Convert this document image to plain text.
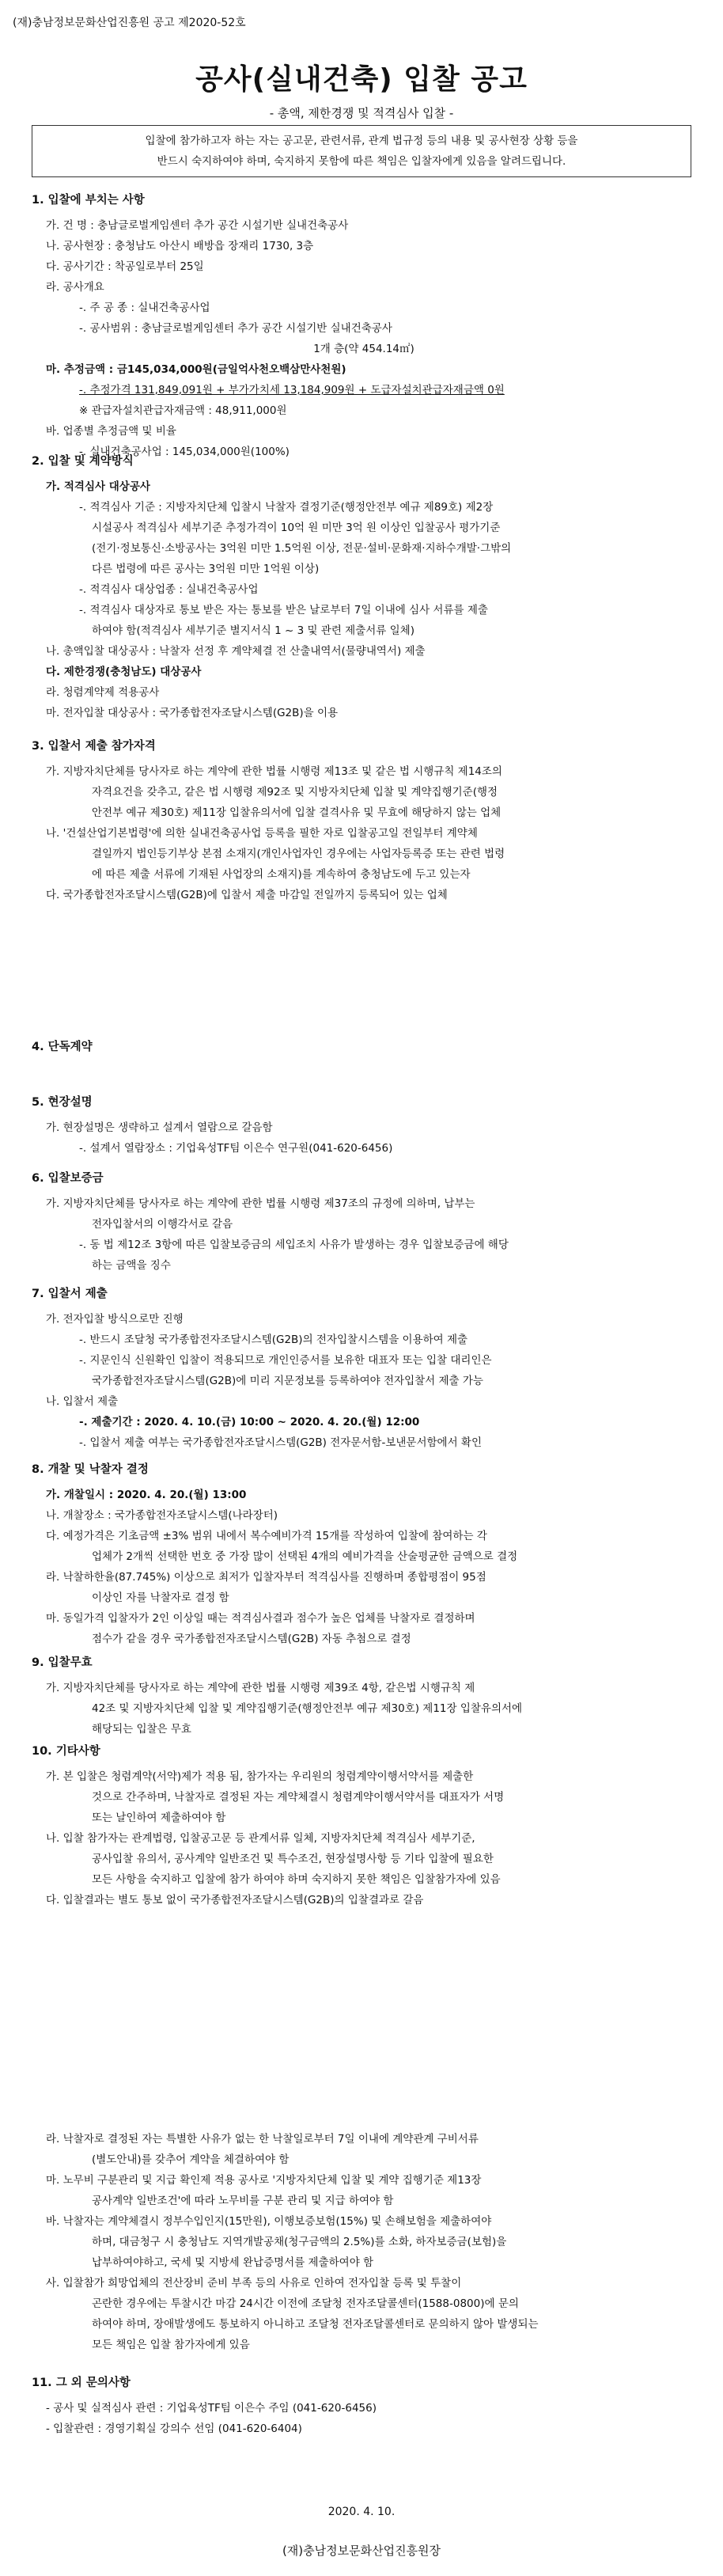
(재)충남정보문화산업진흥원 공고 제2020-52호
공사(실내건축) 입찰 공고
- 총액, 제한경쟁 및 적격심사 입찰 -
입찰에 참가하고자 하는 자는 공고문, 관련서류, 관계 법규정 등의 내용 및 공사현장 상황 등을
반드시 숙지하여야 하며, 숙지하지 못함에 따른 책임은 입찰자에게 있음을 알려드립니다.
1. 입찰에 부치는 사항
가. 건 명 : 충남글로벌게임센터 추가 공간 시설기반 실내건축공사
나. 공사현장 : 충청남도 아산시 배방읍 장재리 1730, 3층
다. 공사기간 : 착공일로부터 25일
라. 공사개요
-. 주 공 종 : 실내건축공사업
-. 공사범위 : 충남글로벌게임센터 추가 공간 시설기반 실내건축공사
1개 층(약 454.14㎡)
마. 추정금액 : 금145,034,000원(금일억사천오백삼만사천원)
-. 추정가격 131,849,091원 + 부가가치세 13,184,909원 + 도급자설치관급자재금액 0원
※ 관급자설치관급자재금액 : 48,911,000원
바. 업종별 추정금액 및 비율
-. 실내건축공사업 : 145,034,000원(100%)
2. 입찰 및 계약방식
가. 적격심사 대상공사
-. 적격심사 기준 : 지방자치단체 입찰시 낙찰자 결정기준(행정안전부 예규 제89호) 제2장
시설공사 적격심사 세부기준 추정가격이 10억 원 미만 3억 원 이상인 입찰공사 평가기준
(전기·정보통신·소방공사는 3억원 미만 1.5억원 이상, 전문·설비·문화재·지하수개발·그밖의
다른 법령에 따른 공사는 3억원 미만 1억원 이상)
-. 적격심사 대상업종 : 실내건축공사업
-. 적격심사 대상자로 통보 받은 자는 통보를 받은 날로부터 7일 이내에 심사 서류를 제출
하여야 함(적격심사 세부기준 별지서식 1 ~ 3 및 관련 제출서류 일체)
나. 총액입찰 대상공사 : 낙찰자 선정 후 계약체결 전 산출내역서(물량내역서) 제출
다. 제한경쟁(충청남도) 대상공사
라. 청렴계약제 적용공사
마. 전자입찰 대상공사 : 국가종합전자조달시스템(G2B)을 이용
3. 입찰서 제출 참가자격
가. 지방자치단체를 당사자로 하는 계약에 관한 법률 시행령 제13조 및 같은 법 시행규칙 제14조의
자격요건을 갖추고, 같은 법 시행령 제92조 및 지방자치단체 입찰 및 계약집행기준(행정
안전부 예규 제30호) 제11장 입찰유의서에 입찰 결격사유 및 무효에 해당하지 않는 업체
나. '건설산업기본법령'에 의한 실내건축공사업 등록을 필한 자로 입찰공고일 전일부터 계약체
결일까지 법인등기부상 본점 소재지(개인사업자인 경우에는 사업자등록증 또는 관련 법령
에 따른 제출 서류에 기재된 사업장의 소재지)를 계속하여 충청남도에 두고 있는자
다. 국가종합전자조달시스템(G2B)에 입찰서 제출 마감일 전일까지 등록되어 있는 업체
4. 단독계약
5. 현장설명
가. 현장설명은 생략하고 설계서 열람으로 갈음함
-. 설계서 열람장소 : 기업육성TF팀 이은수 연구원(041-620-6456)
6. 입찰보증금
가. 지방자치단체를 당사자로 하는 계약에 관한 법률 시행령 제37조의 규정에 의하며, 납부는
전자입찰서의 이행각서로 갈음
-. 동 법 제12조 3항에 따른 입찰보증금의 세입조치 사유가 발생하는 경우 입찰보증금에 해당
하는 금액을 징수
7. 입찰서 제출
가. 전자입찰 방식으로만 진행
-. 반드시 조달청 국가종합전자조달시스템(G2B)의 전자입찰시스템을 이용하여 제출
-. 지문인식 신원확인 입찰이 적용되므로 개인인증서를 보유한 대표자 또는 입찰 대리인은
국가종합전자조달시스템(G2B)에 미리 지문정보를 등록하여야 전자입찰서 제출 가능
나. 입찰서 제출
-. 제출기간 : 2020. 4. 10.(금) 10:00 ~ 2020. 4. 20.(월) 12:00
-. 입찰서 제출 여부는 국가종합전자조달시스템(G2B) 전자문서함-보낸문서함에서 확인
8. 개찰 및 낙찰자 결정
가. 개찰일시 : 2020. 4. 20.(월) 13:00
나. 개찰장소 : 국가종합전자조달시스템(나라장터)
다. 예정가격은 기초금액 ±3% 범위 내에서 복수예비가격 15개를 작성하여 입찰에 참여하는 각
업체가 2개씩 선택한 번호 중 가장 많이 선택된 4개의 예비가격을 산술평균한 금액으로 결정
라. 낙찰하한율(87.745%) 이상으로 최저가 입찰자부터 적격심사를 진행하며 종합평점이 95점
이상인 자를 낙찰자로 결정 함
마. 동일가격 입찰자가 2인 이상일 때는 적격심사결과 점수가 높은 업체를 낙찰자로 결정하며
점수가 같을 경우 국가종합전자조달시스템(G2B) 자동 추첨으로 결정
9. 입찰무효
가. 지방자치단체를 당사자로 하는 계약에 관한 법률 시행령 제39조 4항, 같은법 시행규칙 제
42조 및 지방자치단체 입찰 및 계약집행기준(행정안전부 예규 제30호) 제11장 입찰유의서에
해당되는 입찰은 무효
10. 기타사항
가. 본 입찰은 청렴계약(서약)제가 적용 됨, 참가자는 우리원의 청렴계약이행서약서를 제출한
것으로 간주하며, 낙찰자로 결정된 자는 계약체결시 청렴계약이행서약서를 대표자가 서명
또는 날인하여 제출하여야 함
나. 입찰 참가자는 관계법령, 입찰공고문 등 관계서류 일체, 지방자치단체 적격심사 세부기준,
공사입찰 유의서, 공사계약 일반조건 및 특수조건, 현장설명사항 등 기타 입찰에 필요한
모든 사항을 숙지하고 입찰에 참가 하여야 하며 숙지하지 못한 책임은 입찰참가자에 있음
다. 입찰결과는 별도 통보 없이 국가종합전자조달시스템(G2B)의 입찰결과로 갈음
라. 낙찰자로 결정된 자는 특별한 사유가 없는 한 낙찰일로부터 7일 이내에 계약관계 구비서류
(별도안내)를 갖추어 계약을 체결하여야 함
마. 노무비 구분관리 및 지급 확인제 적용 공사로 '지방자치단체 입찰 및 계약 집행기준 제13장
공사계약 일반조건'에 따라 노무비를 구분 관리 및 지급 하여야 함
바. 낙찰자는 계약체결시 정부수입인지(15만원), 이행보증보험(15%) 및 손해보험을 제출하여야
하며, 대금청구 시 충청남도 지역개발공채(청구금액의 2.5%)를 소화, 하자보증금(보험)을
납부하여야하고, 국세 및 지방세 완납증명서를 제출하여야 함
사. 입찰참가 희망업체의 전산장비 준비 부족 등의 사유로 인하여 전자입찰 등록 및 투찰이
곤란한 경우에는 투찰시간 마감 24시간 이전에 조달청 전자조달콜센터(1588-0800)에 문의
하여야 하며, 장애발생에도 통보하지 아니하고 조달청 전자조달콜센터로 문의하지 않아 발생되는
모든 책임은 입찰 참가자에게 있음
11. 그 외 문의사항
- 공사 및 실적심사 관련 : 기업육성TF팀 이은수 주임 (041-620-6456)
- 입찰관련 : 경영기획실 강의수 선임 (041-620-6404)
2020. 4. 10.
(재)충남정보문화산업진흥원장
